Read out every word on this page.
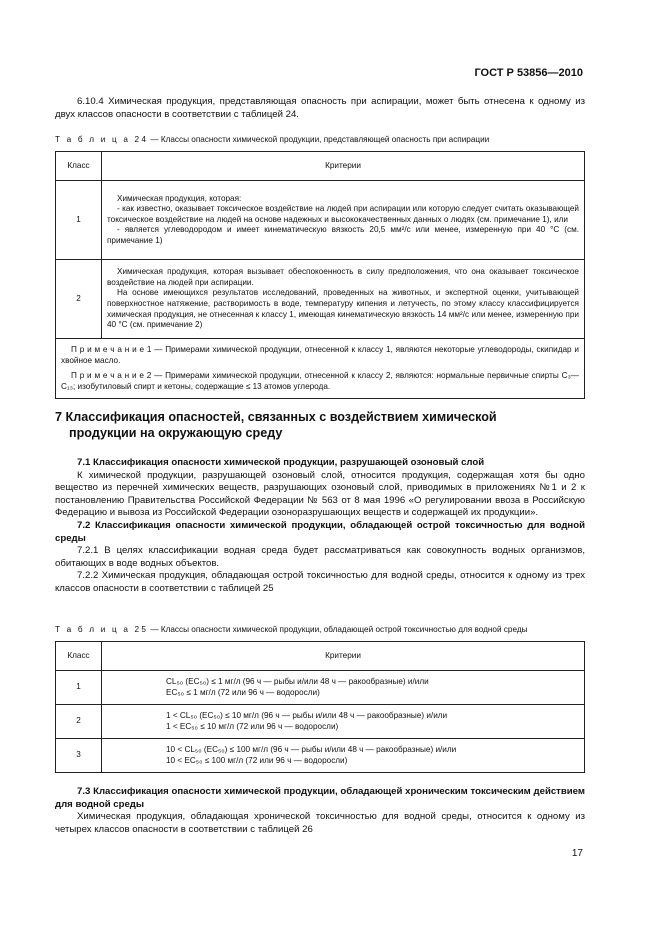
ГОСТ Р 53856—2010

6.10.4 Химическая продукция, представляющая опасность при аспирации, может быть отнесена к одному из двух классов опасности в соответствии с таблицей 24.

Т а б л и ц а 24 — Классы опасности химической продукции, представляющей опасность при аспирации
Класс	Критерии
1	Химическая продукция, которая:
- как известно, оказывает токсическое воздействие на людей при аспирации или которую следует считать оказывающей токсическое воздействие на людей на основе надежных и высококачественных данных о людях (см. примечание 1), или
- является углеводородом и имеет кинематическую вязкость 20,5 мм²/с или менее, измеренную при 40 °С (см. примечание 1)

2	Химическая продукция, которая вызывает обеспокоенность в силу предположения, что она оказывает токсическое воздействие на людей при аспирации.
На основе имеющихся результатов исследований, проведенных на животных, и экспертной оценки, учитывающей поверхностное натяжение, растворимость в воде, температуру кипения и летучесть, по этому классу классифицируется химическая продукция, не отнесенная к классу 1, имеющая кинематическую вязкость 14 мм²/с или менее, измеренную при 40 °С (см. примечание 2)

П р и м е ч а н и е 1 — Примерами химической продукции, отнесенной к классу 1, являются некоторые углеводороды, скипидар и хвойное масло.
П р и м е ч а н и е 2 — Примерами химической продукции, отнесенной к классу 2, являются: нормальные первичные спирты C₃—C₁₃; изобутиловый спирт и кетоны, содержащие ≤ 13 атомов углерода.	
7 Классификация опасностей, связанных с воздействием химической
продукции на окружающую среду

7.1 Классификация опасности химической продукции, разрушающей озоновый слой

К химической продукции, разрушающей озоновый слой, относится продукция, содержащая хотя бы одно вещество из перечней химических веществ, разрушающих озоновый слой, приводимых в приложениях №1 и 2 к постановлению Правительства Российской Федерации № 563 от 8 мая 1996 «О регулировании ввоза в Российскую Федерацию и вывоза из Российской Федерации озоноразрушающих веществ и содержащей их продукции».

7.2 Классификация опасности химической продукции, обладающей острой токсичностью для водной среды

7.2.1 В целях классификации водная среда будет рассматриваться как совокупность водных организмов, обитающих в воде водных объектов.

7.2.2 Химическая продукция, обладающая острой токсичностью для водной среды, относится к одному из трех классов опасности в соответствии с таблицей 25

Т а б л и ц а 25 — Классы опасности химической продукции, обладающей острой токсичностью для водной среды
Класс	Критерии
1	CL₅₀ (EC₅₀) ≤ 1 мг/л (96 ч — рыбы и/или 48 ч — ракообразные) и/или
EC₅₀ ≤ 1 мг/л (72 или 96 ч — водоросли)

2	1 < CL₅₀ (EC₅₀) ≤ 10 мг/л (96 ч — рыбы и/или 48 ч — ракообразные) и/или
1 < EC₅₀ ≤ 10 мг/л (72 или 96 ч — водоросли)

3	10 < CL₅₀ (EC₅₀) ≤ 100 мг/л (96 ч — рыбы и/или 48 ч — ракообразные) и/или
10 < EC₅₀ ≤ 100 мг/л (72 или 96 ч — водоросли)

7.3 Классификация опасности химической продукции, обладающей хроническим токсическим действием для водной среды

Химическая продукция, обладающая хронической токсичностью для водной среды, относится к одному из четырех классов опасности в соответствии с таблицей 26

17
